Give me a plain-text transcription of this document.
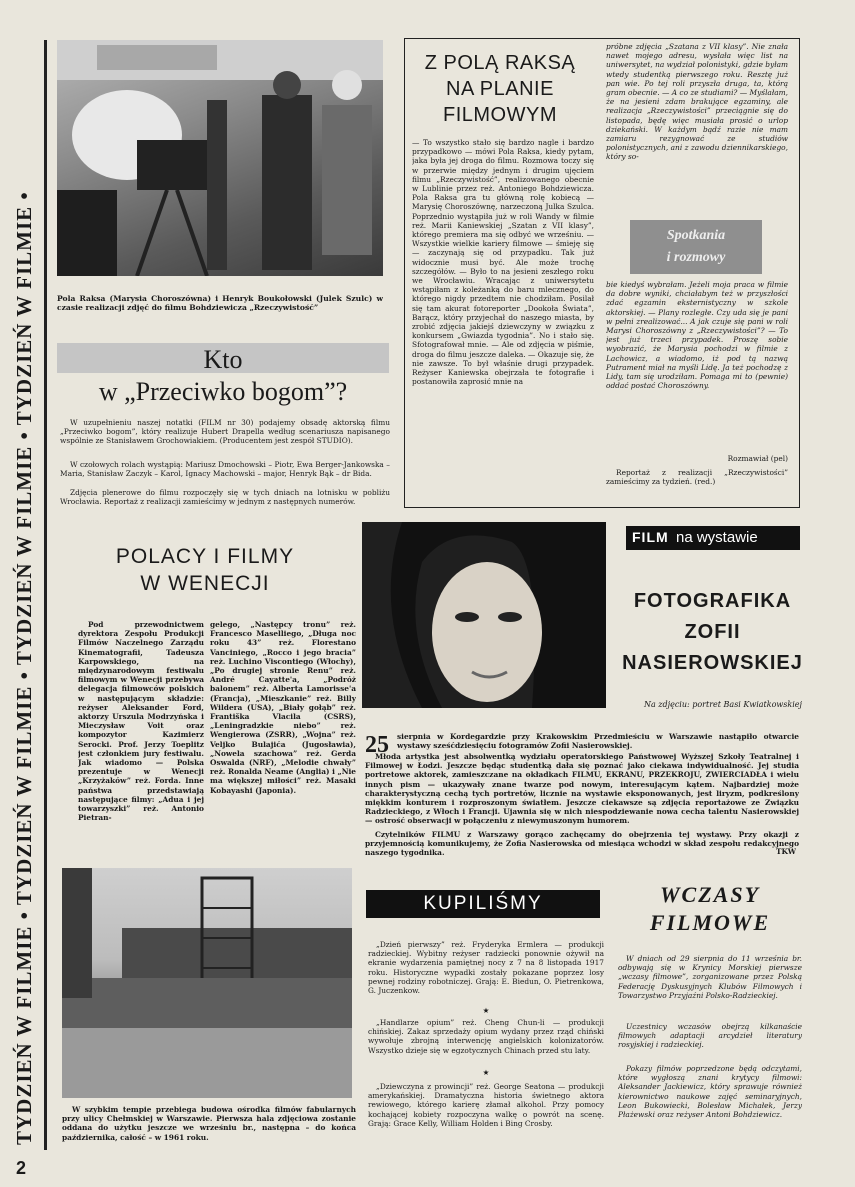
TYDZIEŃ W FILMIE • TYDZIEŃ W FILMIE • TYDZIEŃ W FILMIE • TYDZIEŃ W FILMIE •	Pola Raksa (Marysia Choroszówna) i Henryk Boukołowski (Julek Szulc) w czasie realizacji zdjęć do filmu Bohdziewicza „Rzeczywistość”
Kto
w „Przeciwko bogom”?
W uzupełnieniu naszej notatki (FILM nr 30) podajemy obsadę aktorską filmu „Przeciwko bogom”, który realizuje Hubert Drapella według scenariusza napisanego wspólnie ze Stanisławem Grochowiakiem. (Producentem jest zespół STUDIO).
W czołowych rolach wystąpią: Mariusz Dmochowski – Piotr, Ewa Berger-Jankowska – Maria, Stanisław Zaczyk – Karol, Ignacy Machowski – major, Henryk Bąk – dr Bida.
Zdjęcia plenerowe do filmu rozpoczęły się w tych dniach na lotnisku w pobliżu Wrocławia. Reportaż z realizacji zamieścimy w jednym z następnych numerów.
Z POLĄ RAKSĄ NA PLANIE FILMOWYM
— To wszystko stało się bardzo nagle i bardzo przypadkowo — mówi Pola Raksa, kiedy pytam, jaka była jej droga do filmu. Rozmowa toczy się w przerwie między jednym i drugim ujęciem filmu „Rzeczywistość”, realizowanego obecnie w Lublinie przez reż. Antoniego Bohdziewicza. Pola Raksa gra tu główną rolę kobiecą — Marysię Choroszównę, narzeczoną Julka Szulca. Poprzednio wystąpiła już w roli Wandy w filmie reż. Marii Kaniewskiej „Szatan z VII klasy”, którego premiera ma się odbyć we wrześniu. — Wszystkie wielkie kariery filmowe — śmieję się — zaczynają się od przypadku. Tak już widocznie musi być. Ale może trochę szczegółów. — Było to na jesieni zeszłego roku we Wrocławiu. Wracając z uniwersytetu wstąpiłam z koleżanką do baru mlecznego, do którego nigdy przedtem nie chodziłam. Posilał się tam akurat fotoreporter „Dookoła Świata”, Barącz, który przyjechał do naszego miasta, by zrobić zdjęcia jakiejś dziewczyny w związku z konkursem „Gwiazda tygodnia”. No i stało się. Sfotografował mnie. — Ale od zdjęcia w piśmie, droga do filmu jeszcze daleka. — Okazuje się, że nie zawsze. To był właśnie drugi przypadek. Reżyser Kaniewska obejrzała te fotografie i postanowiła zaprosić mnie na
próbne zdjęcia „Szatana z VII klasy”. Nie znała nawet mojego adresu, wysłała więc list na uniwersytet, na wydział polonistyki, gdzie byłam wtedy studentką pierwszego roku. Resztę już pan wie. Po tej roli przyszła druga, ta, którą gram obecnie. — A co ze studiami? — Myślałam, że na jesieni zdam brakujące egzaminy, ale realizacja „Rzeczywistości” przeciągnie się do listopada, będę więc musiała prosić o urlop dziekański. W każdym bądź razie nie mam zamiaru rezygnować ze studiów polonistycznych, ani z zawodu dziennikarskiego, który so-
Spotkania
i rozmowy
bie kiedyś wybrałam. Jeżeli moja praca w filmie da dobre wyniki, chciałabym też w przyszłości zdać egzamin eksternistyczny w szkole aktorskiej. — Plany rozległe. Czy uda się je pani w pełni zrealizować... A jak czuje się pani w roli Marysi Choroszówny z „Rzeczywistości”? — To jest już trzeci przypadek. Proszę sobie wyobrazić, że Marysia pochodzi w filmie z Lachowicz, a wiadomo, iż pod tą nazwą Putrament miał na myśli Lidę. Ja też pochodzę z Lidy, tam się urodziłam. Pomaga mi to (pewnie) oddać postać Choroszówny.
Rozmawiał (pel)
Reportaż z realizacji „Rzeczywistości” zamieścimy za tydzień. (red.)
POLACY I FILMY
W WENECJI
Pod przewodnictwem dyrektora Zespołu Produkcji Filmów Naczelnego Zarządu Kinematografii, Tadeusza Karpowskiego, na międzynarodowym festiwalu filmowym w Wenecji przebywa delegacja filmowców polskich w następującym składzie: reżyser Aleksander Ford, aktorzy Urszula Modrzyńska i Mieczysław Voit oraz kompozytor Kazimierz Serocki. Prof. Jerzy Toeplitz jest członkiem jury festiwalu. Jak wiadomo — Polska prezentuje w Wenecji „Krzyżaków” reż. Forda. Inne państwa przedstawiają następujące filmy: „Adua i jej towarzyszki” reż. Antonio Pietran-
gelego, „Następcy tronu” reż. Francesco Maselliego, „Długa noc roku 43” reż. Florestano Vanciniego, „Rocco i jego bracia” reż. Luchino Viscontiego (Włochy), „Po drugiej stronie Renu” reż. André Cayatte'a, „Podróż balonem” reż. Alberta Lamorisse'a (Francja), „Mieszkanie” reż. Billy Wildera (USA), „Biały gołąb” reż. Františka Vlacila (CSRS), „Leningradzkie niebo” reż. Wengierowa (ZSRR), „Wojna” reż. Veljko Bulajića (Jugosławia), „Nowela szachowa” reż. Gerda Oswalda (NRF), „Melodie chwały” reż. Ronalda Neame (Anglia) i „Nie ma większej miłości” reż. Masaki Kobayashi (Japonia).
FILM na wystawie
FOTOGRAFIKA
ZOFII
NASIEROWSKIEJ
Na zdjęciu: portret Basi Kwiatkowskiej
25 sierpnia w Kordegardzie przy Krakowskim Przedmieściu w Warszawie nastąpiło otwarcie wystawy sześćdziesięciu fotogramów Zofii Nasierowskiej.
Młoda artystka jest absolwentką wydziału operatorskiego Państwowej Wyższej Szkoły Teatralnej i Filmowej w Łodzi. Jeszcze będąc studentką dała się poznać jako ciekawa indywidualność. Jej studia portretowe aktorek, zamieszczane na okładkach FILMU, EKRANU, PRZEKROJU, ZWIERCIADŁA i wielu innych pism — ukazywały znane twarze pod nowym, interesującym kątem. Najbardziej może charakterystyczną cechą tych portretów, licznie na wystawie eksponowanych, jest liryzm, podkreślony miękkim konturem i rozproszonym światłem. Jeszcze ciekawsze są zdjęcia reportażowe ze Związku Radzieckiego, z Włoch i Francji. Ujawnia się w nich niespodziewanie nowa cecha talentu Nasierowskiej — ostrość obserwacji w połączeniu z niewymuszonym humorem.
Czytelników FILMU z Warszawy gorąco zachęcamy do obejrzenia tej wystawy. Przy okazji z przyjemnością komunikujemy, że Zofia Nasierowska od miesiąca wchodzi w skład zespołu redakcyjnego naszego tygodnika.	TKW
W szybkim tempie przebiega budowa ośrodka filmów fabularnych przy ulicy Chełmskiej w Warszawie. Pierwsza hala zdjęciowa zostanie oddana do użytku jeszcze we wrześniu br., następna – do końca października, całość – w 1961 roku.
KUPILIŚMY
„Dzień pierwszy” reż. Fryderyka Ermlera — produkcji radzieckiej. Wybitny reżyser radziecki ponownie ożywił na ekranie wydarzenia pamiętnej nocy z 7 na 8 listopada 1917 roku. Historyczne wypadki zostały pokazane poprzez losy pewnej rodziny robotniczej. Grają: E. Biedun, O. Pietrenkowa, G. Juczenkow.
★
„Handlarze opium” reż. Cheng Chun-li — produkcji chińskiej. Zakaz sprzedaży opium wydany przez rząd chiński wywołuje zbrojną interwencję angielskich kolonizatorów. Wszystko dzieje się w egzotycznych Chinach przed stu laty.
★
„Dziewczyna z prowincji” reż. George Seatona — produkcji amerykańskiej. Dramatyczna historia świetnego aktora rewiowego, którego karierę złamał alkohol. Przy pomocy kochającej kobiety rozpoczyna walkę o powrót na scenę. Grają: Grace Kelly, William Holden i Bing Crosby.
WCZASY
FILMOWE
W dniach od 29 sierpnia do 11 września br. odbywają się w Krynicy Morskiej pierwsze „wczasy filmowe”, zorganizowane przez Polską Federację Dyskusyjnych Klubów Filmowych i Towarzystwo Przyjaźni Polsko-Radzieckiej.
Uczestnicy wczasów obejrzą kilkanaście filmowych adaptacji arcydzieł literatury rosyjskiej i radzieckiej.
Pokazy filmów poprzedzone będą odczytami, które wygłoszą znani krytycy filmowi: Aleksander Jackiewicz, który sprawuje również kierownictwo naukowe zajęć seminaryjnych, Leon Bukowiecki, Bolesław Michałek, Jerzy Płażewski oraz reżyser Antoni Bohdziewicz.
2
